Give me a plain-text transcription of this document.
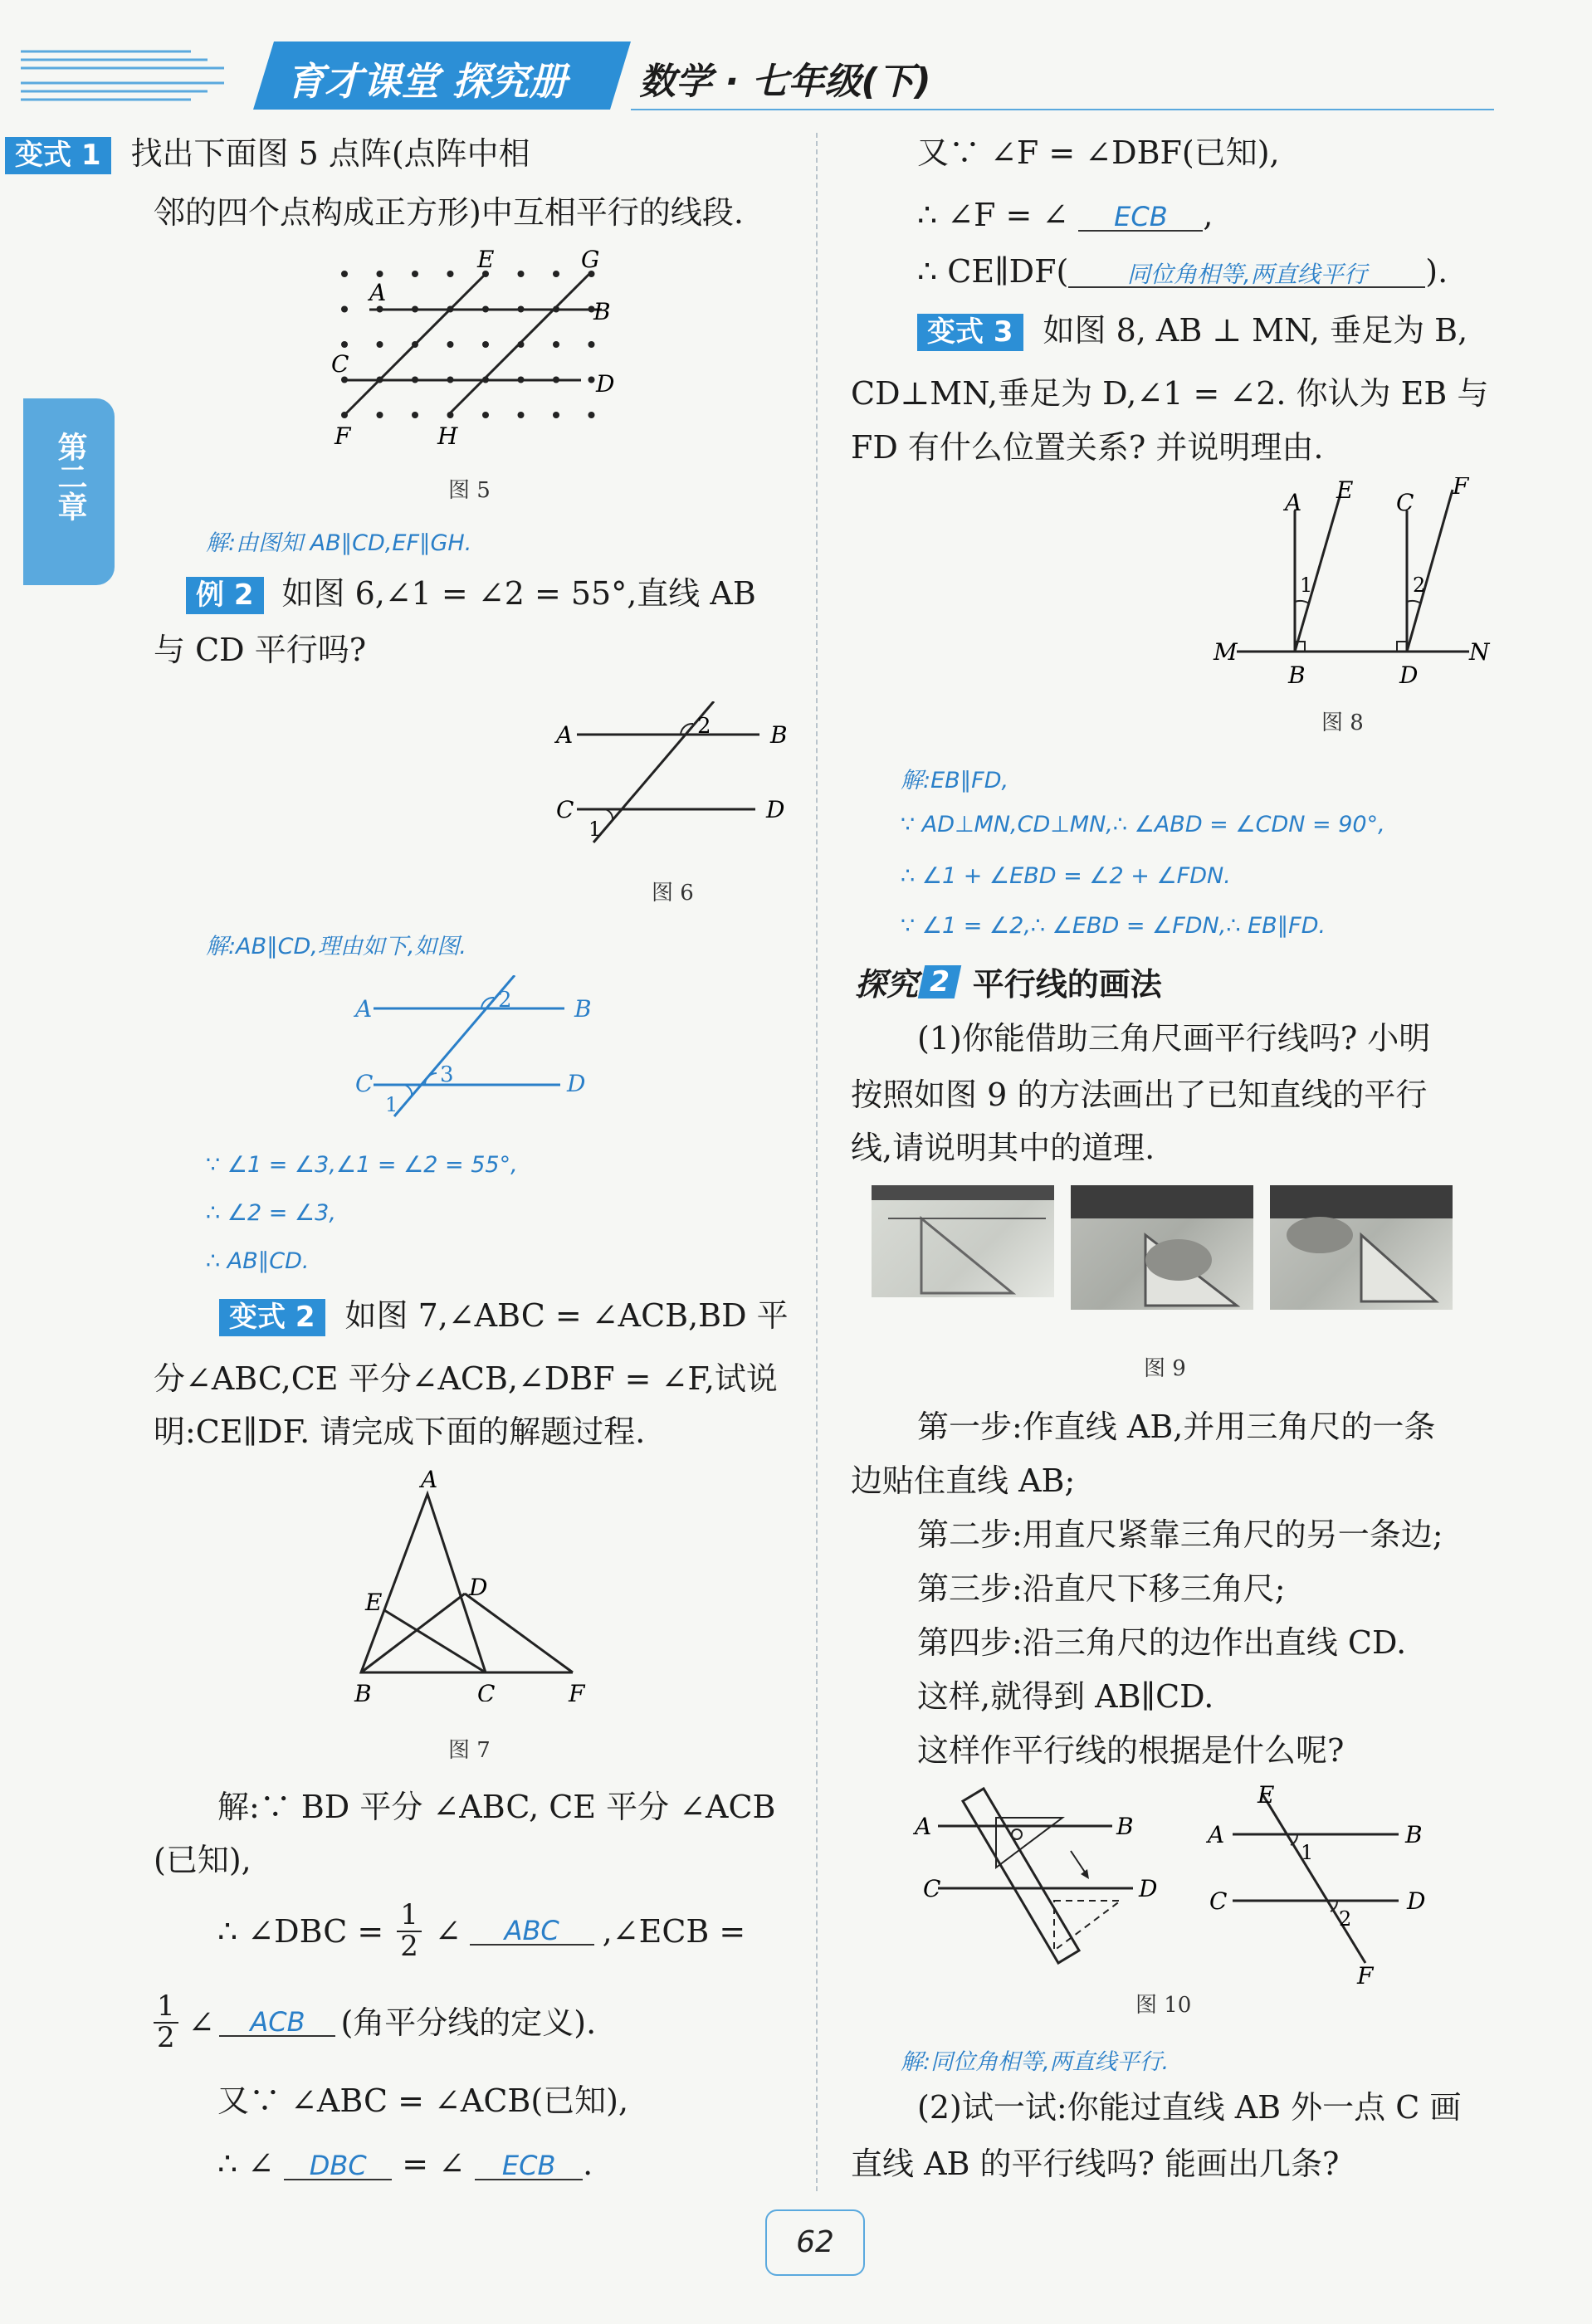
育才课堂 探究册 数学 · 七年级(下)
第二章
变式 1 找出下面图 5 点阵(点阵中相
邻的四个点构成正方形)中互相平行的线段.
E	G
A
B
C
D
F	H
图 5
解:由图知 AB∥CD,EF∥GH.
例 2 如图 6,∠1 = ∠2 = 55°,直线 AB
与 CD 平行吗?
A	B
C	D
2
1
图 6
解:AB∥CD,理由如下,如图.
A	B
C	D
2
3
1
∵ ∠1 = ∠3,∠1 = ∠2 = 55°,
∴ ∠2 = ∠3,
∴ AB∥CD.
变式 2 如图 7,∠ABC = ∠ACB,BD 平
分∠ABC,CE 平分∠ACB,∠DBF = ∠F,试说
明:CE∥DF. 请完成下面的解题过程.
A
E
D
B	C	F
图 7
解:∵ BD 平分 ∠ABC, CE 平分 ∠ACB
(已知),
∴ ∠DBC = $\frac{1}{2}$ ∠	ABC	,∠ECB =
$\frac{1}{2}$ ∠	ACB	(角平分线的定义).
又∵ ∠ABC = ∠ACB(已知),
∴ ∠ DBC = ∠ ECB .
又∵ ∠F = ∠DBF(已知),
∴ ∠F = ∠ ECB ,
∴ CE∥DF(	同位角相等,两直线平行 ).
变式 3 如图 8, AB ⊥ MN, 垂足为 B,
CD⊥MN,垂足为 D,∠1 = ∠2. 你认为 EB 与
FD 有什么位置关系? 并说明理由.
A E C
F
1	2
M
B	D
N
图 8
解:EB∥FD,
∵ AD⊥MN,CD⊥MN,∴ ∠ABD = ∠CDN = 90°,
∴ ∠1 + ∠EBD = ∠2 + ∠FDN.
∵ ∠1 = ∠2,∴ ∠EBD = ∠FDN,∴ EB∥FD.
探究 2 平行线的画法
(1)你能借助三角尺画平行线吗? 小明
按照如图 9 的方法画出了已知直线的平行
线,请说明其中的道理.
图 9
第一步:作直线 AB,并用三角尺的一条
边贴住直线 AB;
第二步:用直尺紧靠三角尺的另一条边;
第三步:沿直尺下移三角尺;
第四步:沿三角尺的边作出直线 CD.
这样,就得到 AB∥CD.
这样作平行线的根据是什么呢?
A	B
C	D
E
A	B
1
C	D
2
F
图 10
解:同位角相等,两直线平行.
(2)试一试:你能过直线 AB 外一点 C 画
直线 AB 的平行线吗? 能画出几条?
62
